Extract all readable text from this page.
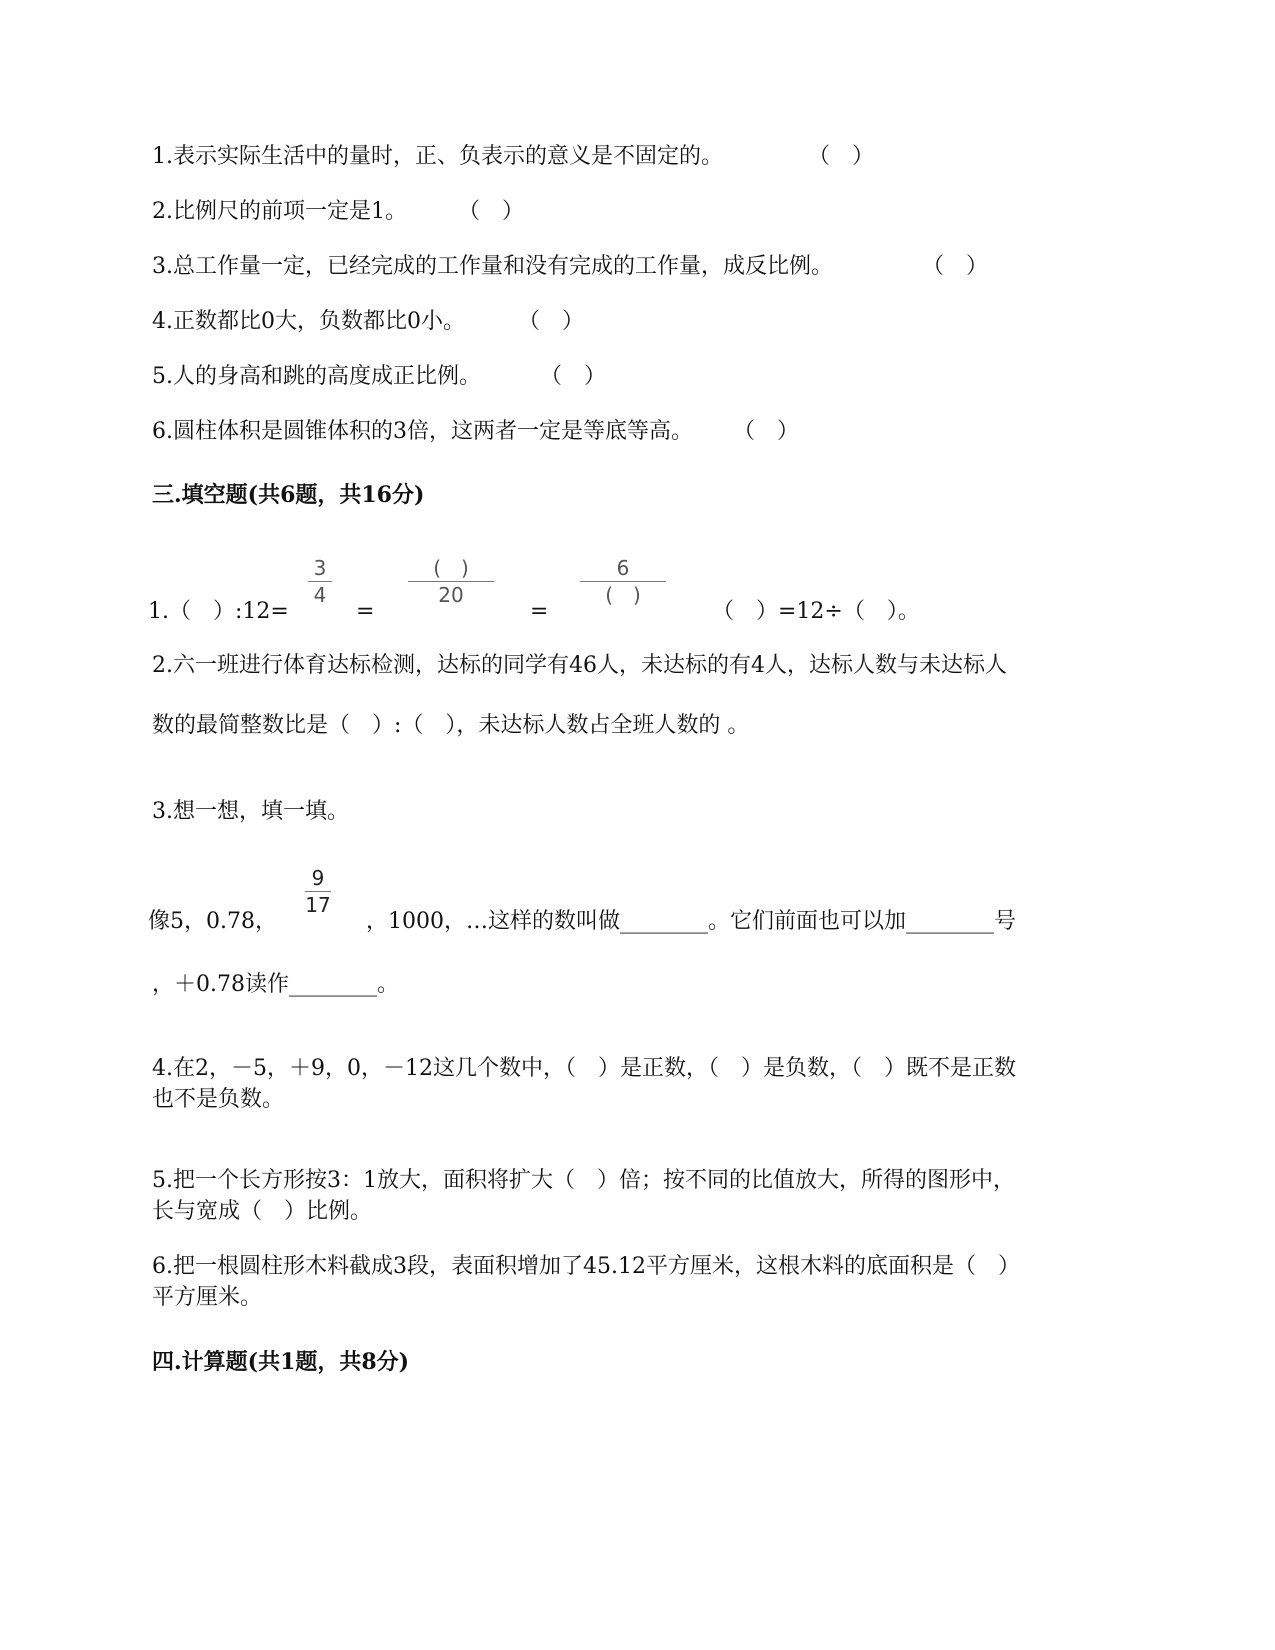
1.表示实际生活中的量时，正、负表示的意义是不固定的。	（　）
2.比例尺的前项一定是1。 （　）
3.总工作量一定，已经完成的工作量和没有完成的工作量，成反比例。	（　）
4.正数都比0大，负数都比0小。 （　）
5.人的身高和跳的高度成正比例。	（　）
6.圆柱体积是圆锥体积的3倍，这两者一定是等底等高。 （　）
三.填空题(共6题，共16分)
1.（　）:12=
3
4
=
(　)
20
=
6
(　)
（　）=12÷（　）。
2.六一班进行体育达标检测，达标的同学有46人，未达标的有4人，达标人数与未达标人
数的最简整数比是（　）:（　），未达标人数占全班人数的 。
3.想一想，填一填。
像5，0.78，
9
17
，1000，…这样的数叫做________。它们前面也可以加________号
，＋0.78读作________。
4.在2，－5，＋9，0，－12这几个数中，（　）是正数，（　）是负数，（　）既不是正数
也不是负数。
5.把一个长方形按3：1放大，面积将扩大（　）倍；按不同的比值放大，所得的图形中，
长与宽成（　）比例。
6.把一根圆柱形木料截成3段，表面积增加了45.12平方厘米，这根木料的底面积是（　）
平方厘米。
四.计算题(共1题，共8分)
